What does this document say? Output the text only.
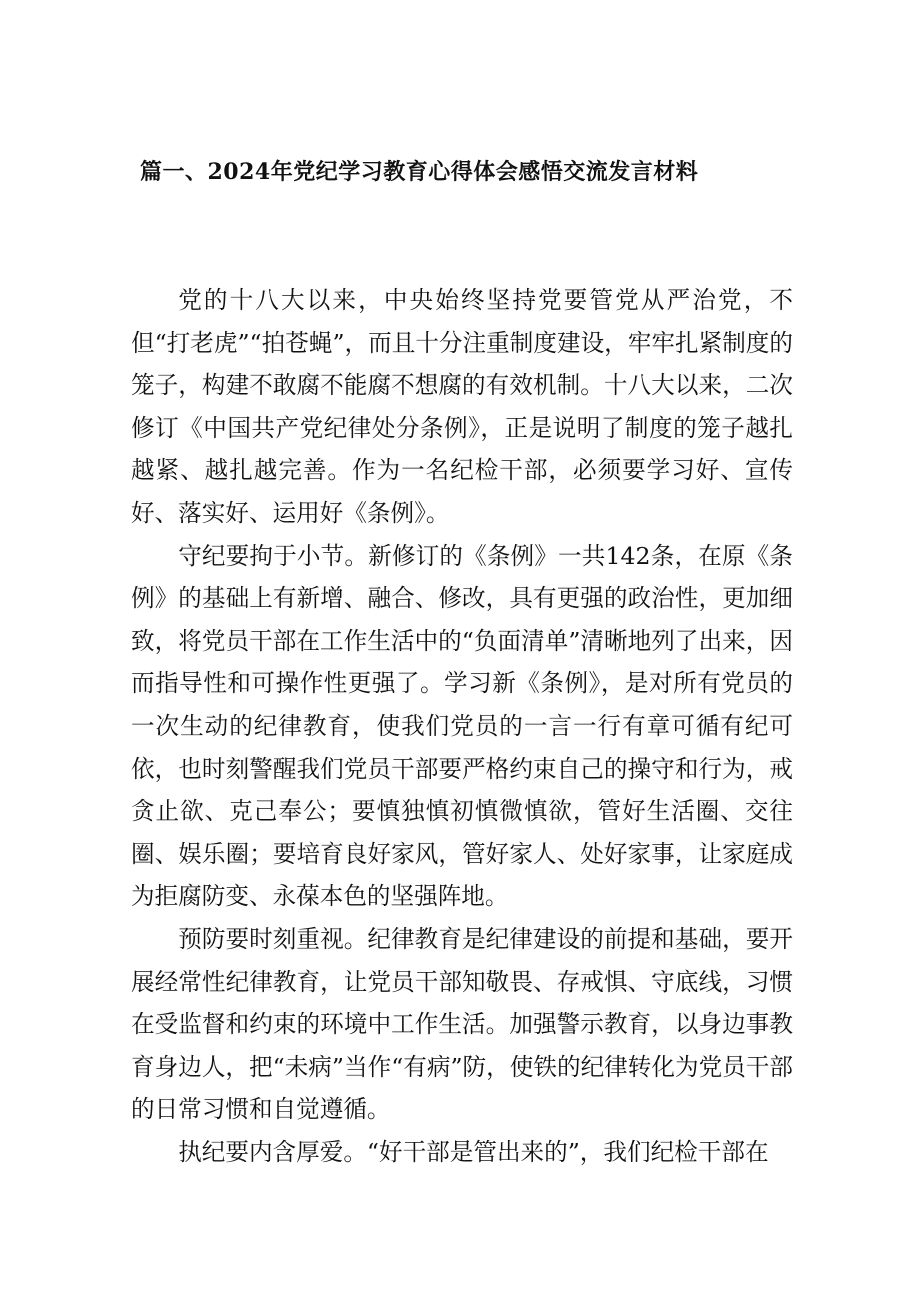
篇一、2024年党纪学习教育心得体会感悟交流发言材料

党的十八大以来，中央始终坚持党要管党从严治党，不但“打老虎”“拍苍蝇”，而且十分注重制度建设，牢牢扎紧制度的笼子，构建不敢腐不能腐不想腐的有效机制。十八大以来，二次修订《中国共产党纪律处分条例》，正是说明了制度的笼子越扎越紧、越扎越完善。作为一名纪检干部，必须要学习好、宣传好、落实好、运用好《条例》。

守纪要拘于小节。新修订的《条例》一共142条，在原《条例》的基础上有新增、融合、修改，具有更强的政治性，更加细致，将党员干部在工作生活中的“负面清单”清晰地列了出来，因而指导性和可操作性更强了。学习新《条例》，是对所有党员的一次生动的纪律教育，使我们党员的一言一行有章可循有纪可依，也时刻警醒我们党员干部要严格约束自己的操守和行为，戒贪止欲、克己奉公；要慎独慎初慎微慎欲，管好生活圈、交往圈、娱乐圈；要培育良好家风，管好家人、处好家事，让家庭成为拒腐防变、永葆本色的坚强阵地。

预防要时刻重视。纪律教育是纪律建设的前提和基础，要开展经常性纪律教育，让党员干部知敬畏、存戒惧、守底线，习惯在受监督和约束的环境中工作生活。加强警示教育，以身边事教育身边人，把“未病”当作“有病”防，使铁的纪律转化为党员干部的日常习惯和自觉遵循。

执纪要内含厚爱。“好干部是管出来的”，我们纪检干部在
